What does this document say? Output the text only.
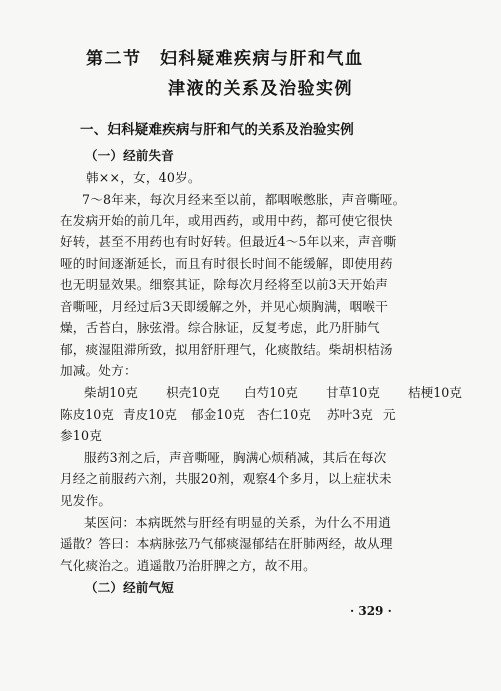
第二节　妇科疑难疾病与肝和气血
津液的关系及治验实例
一、妇科疑难疾病与肝和气的关系及治验实例
（一）经前失音
韩××，女，40岁。
7～8年来，每次月经来至以前，都咽喉憋胀，声音嘶哑。
在发病开始的前几年，或用西药，或用中药，都可使它很快
好转，甚至不用药也有时好转。但最近4～5年以来，声音嘶
哑的时间逐渐延长，而且有时很长时间不能缓解，即使用药
也无明显效果。细察其证，除每次月经将至以前3天开始声
音嘶哑，月经过后3天即缓解之外，并见心烦胸满，咽喉干
燥，舌苔白，脉弦滑。综合脉证，反复考虑，此乃肝肺气
郁，痰湿阻滞所致，拟用舒肝理气，化痰散结。柴胡枳桔汤
加减。处方：
柴胡10克 枳壳10克 白芍10克 甘草10克 桔梗10克
陈皮10克 青皮10克 郁金10克 杏仁10克 苏叶3克 元
参10克
服药3剂之后，声音嘶哑，胸满心烦稍减，其后在每次
月经之前服药六剂，共服20剂，观察4个多月，以上症状未
见发作。
某医问：本病既然与肝经有明显的关系，为什么不用逍
遥散？答曰：本病脉弦乃气郁痰湿郁结在肝肺两经，故从理
气化痰治之。逍遥散乃治肝脾之方，故不用。
（二）经前气短
· 329 ·
